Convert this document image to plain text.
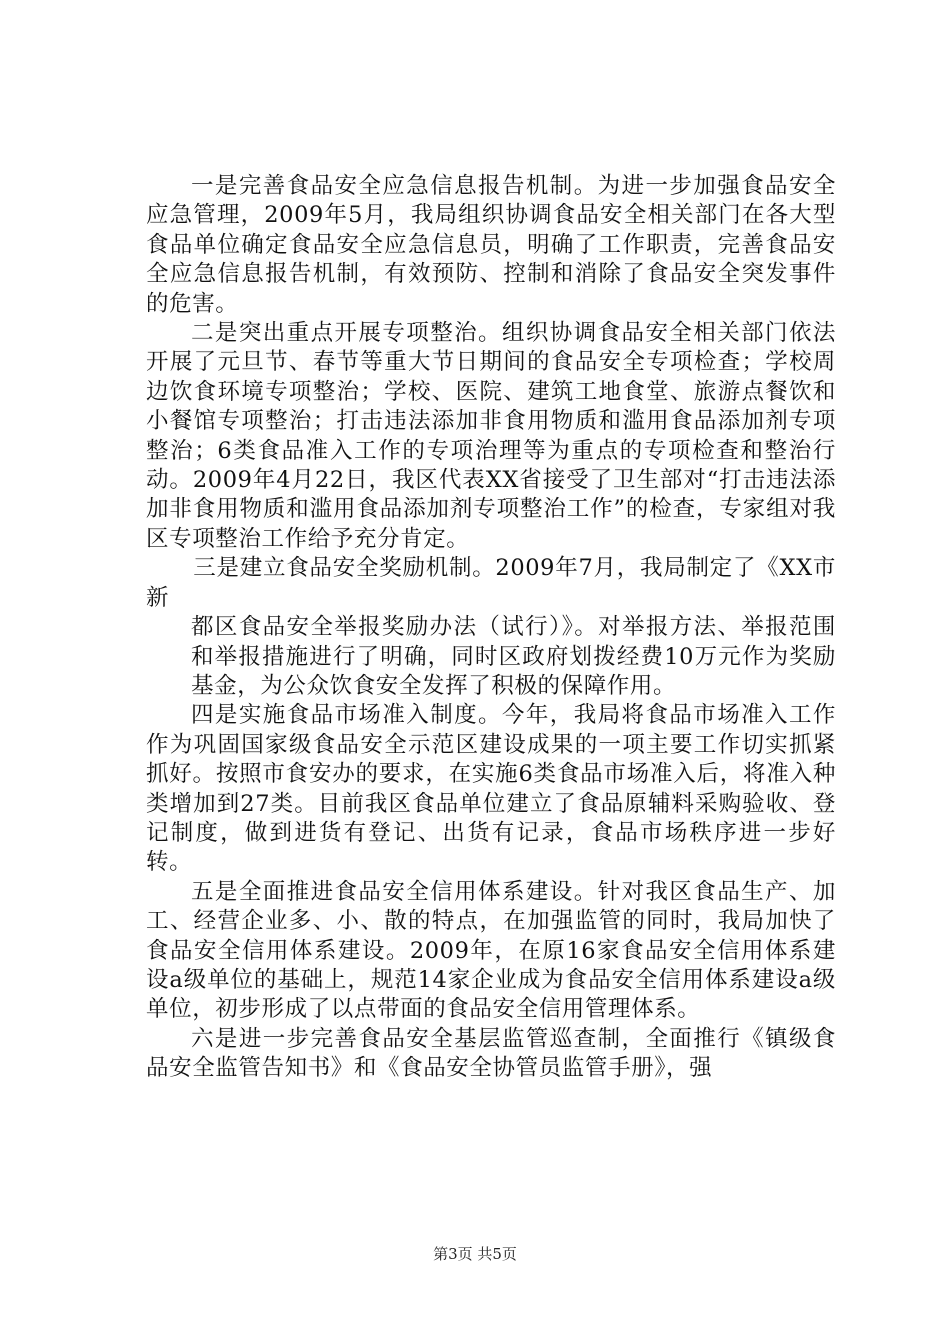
一是完善食品安全应急信息报告机制。为进一步加强食品安全应急管理，2009年5月，我局组织协调食品安全相关部门在各大型食品单位确定食品安全应急信息员，明确了工作职责，完善食品安全应急信息报告机制，有效预防、控制和消除了食品安全突发事件的危害。

二是突出重点开展专项整治。组织协调食品安全相关部门依法开展了元旦节、春节等重大节日期间的食品安全专项检查；学校周边饮食环境专项整治；学校、医院、建筑工地食堂、旅游点餐饮和小餐馆专项整治；打击违法添加非食用物质和滥用食品添加剂专项整治；6类食品准入工作的专项治理等为重点的专项检查和整治行动。2009年4月22日，我区代表XX省接受了卫生部对“打击违法添加非食用物质和滥用食品添加剂专项整治工作”的检查，专家组对我区专项整治工作给予充分肯定。

三是建立食品安全奖励机制。2009年7月，我局制定了《XX市新

都区食品安全举报奖励办法（试行）》。对举报方法、举报范围和举报措施进行了明确，同时区政府划拨经费10万元作为奖励基金，为公众饮食安全发挥了积极的保障作用。

四是实施食品市场准入制度。今年，我局将食品市场准入工作作为巩固国家级食品安全示范区建设成果的一项主要工作切实抓紧抓好。按照市食安办的要求，在实施6类食品市场准入后，将准入种类增加到27类。目前我区食品单位建立了食品原辅料采购验收、登记制度，做到进货有登记、出货有记录，食品市场秩序进一步好转。

五是全面推进食品安全信用体系建设。针对我区食品生产、加工、经营企业多、小、散的特点，在加强监管的同时，我局加快了食品安全信用体系建设。2009年，在原16家食品安全信用体系建设a级单位的基础上，规范14家企业成为食品安全信用体系建设a级单位，初步形成了以点带面的食品安全信用管理体系。

六是进一步完善食品安全基层监管巡查制，全面推行《镇级食品安全监管告知书》和《食品安全协管员监管手册》，强

第3页 共5页
